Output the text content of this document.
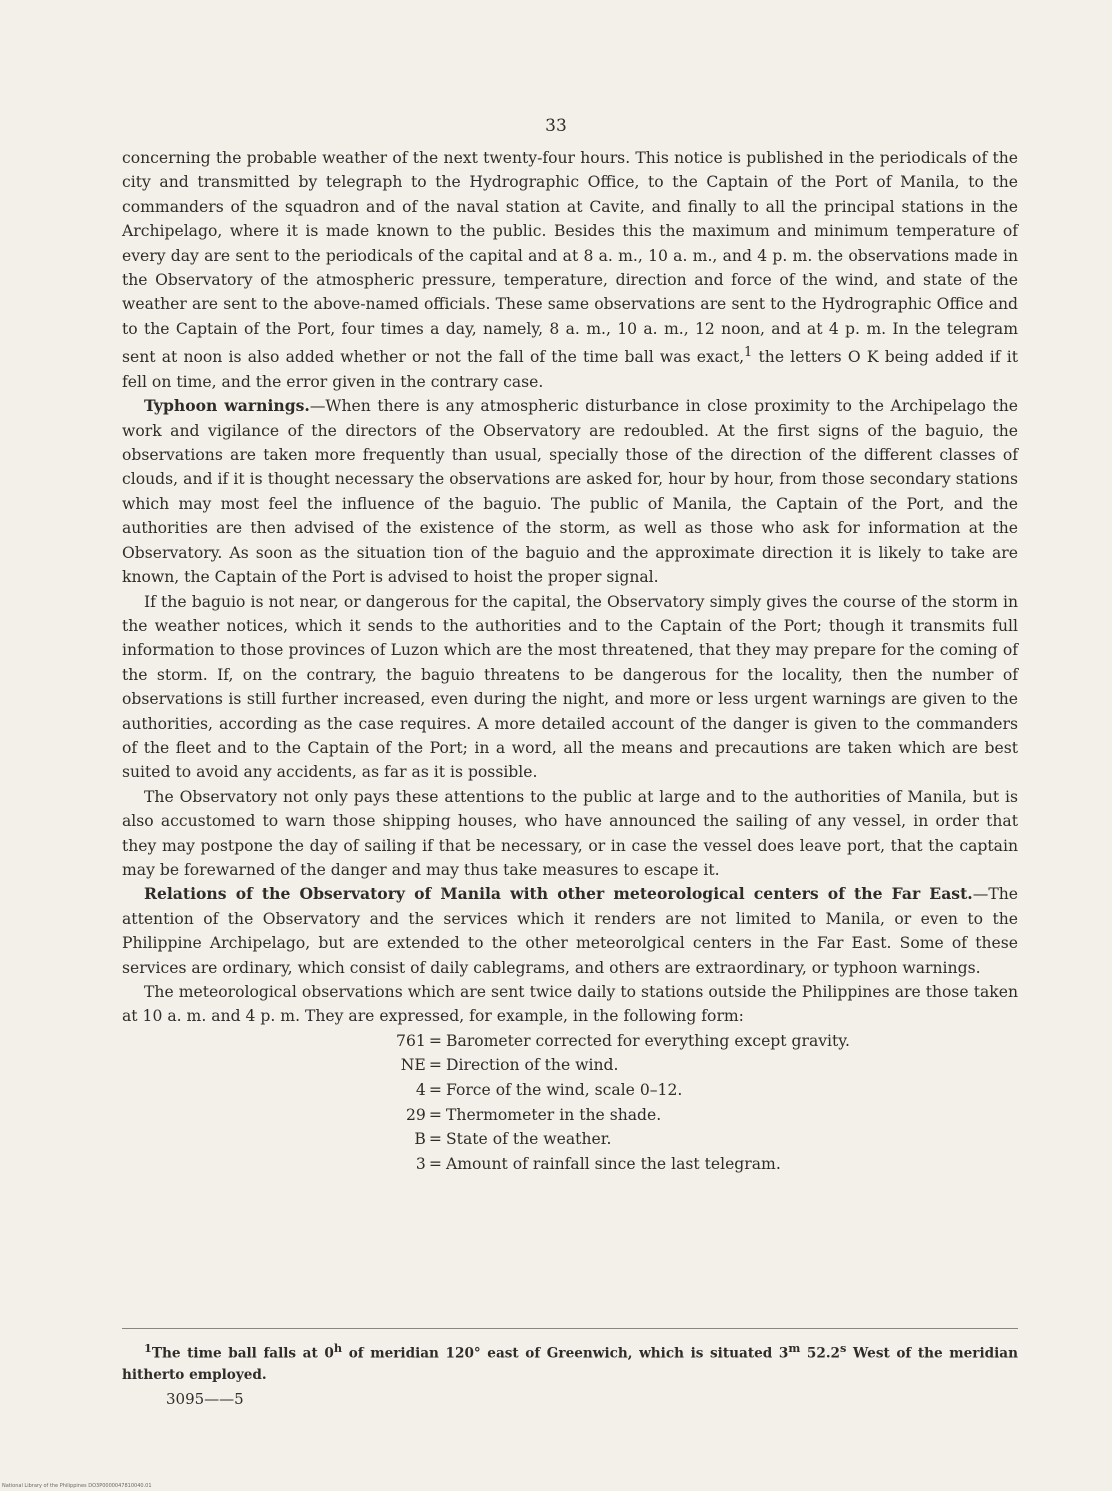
33

concerning the probable weather of the next twenty-four hours. This notice is published in the periodicals of the city and transmitted by telegraph to the Hydrographic Office, to the Captain of the Port of Manila, to the commanders of the squadron and of the naval station at Cavite, and finally to all the principal stations in the Archipelago, where it is made known to the public. Besides this the maximum and minimum temperature of every day are sent to the periodicals of the capital and at 8 a. m., 10 a. m., and 4 p. m. the observations made in the Observatory of the atmospheric pressure, temperature, direction and force of the wind, and state of the weather are sent to the above-named officials. These same observations are sent to the Hydrographic Office and to the Captain of the Port, four times a day, namely, 8 a. m., 10 a. m., 12 noon, and at 4 p. m. In the telegram sent at noon is also added whether or not the fall of the time ball was exact,$^1$ the letters O K being added if it fell on time, and the error given in the contrary case.

Typhoon warnings.—When there is any atmospheric disturbance in close proximity to the Archipelago the work and vigilance of the directors of the Observatory are redoubled. At the first signs of the baguio, the observations are taken more frequently than usual, specially those of the direction of the different classes of clouds, and if it is thought necessary the observations are asked for, hour by hour, from those secondary stations which may most feel the influence of the baguio. The public of Manila, the Captain of the Port, and the authorities are then advised of the existence of the storm, as well as those who ask for information at the Observatory. As soon as the situation tion of the baguio and the approximate direction it is likely to take are known, the Captain of the Port is advised to hoist the proper signal.

If the baguio is not near, or dangerous for the capital, the Observatory simply gives the course of the storm in the weather notices, which it sends to the authorities and to the Captain of the Port; though it transmits full information to those provinces of Luzon which are the most threatened, that they may prepare for the coming of the storm. If, on the contrary, the baguio threatens to be dangerous for the locality, then the number of observations is still further increased, even during the night, and more or less urgent warnings are given to the authorities, according as the case requires. A more detailed account of the danger is given to the commanders of the fleet and to the Captain of the Port; in a word, all the means and precautions are taken which are best suited to avoid any accidents, as far as it is possible.

The Observatory not only pays these attentions to the public at large and to the authorities of Manila, but is also accustomed to warn those shipping houses, who have announced the sailing of any vessel, in order that they may postpone the day of sailing if that be necessary, or in case the vessel does leave port, that the captain may be forewarned of the danger and may thus take measures to escape it.

Relations of the Observatory of Manila with other meteorological centers of the Far East.—The attention of the Observatory and the services which it renders are not limited to Manila, or even to the Philippine Archipelago, but are extended to the other meteorolgical centers in the Far East. Some of these services are ordinary, which consist of daily cablegrams, and others are extraordinary, or typhoon warnings.

The meteorological observations which are sent twice daily to stations outside the Philippines are those taken at 10 a. m. and 4 p. m. They are expressed, for example, in the following form:

761  = Barometer corrected for everything except gravity.
NE  = Direction of the wind.
4  = Force of the wind, scale 0–12.
29  = Thermometer in the shade.
B  = State of the weather.
3  = Amount of rainfall since the last telegram.
$^1$The time ball falls at 0$^h$ of meridian 120° east of Greenwich, which is situated 3$^m$ 52.2$^s$ West of the meridian hitherto employed.
3095——5
National Library of the Philippines DO3P0000047810040.01
